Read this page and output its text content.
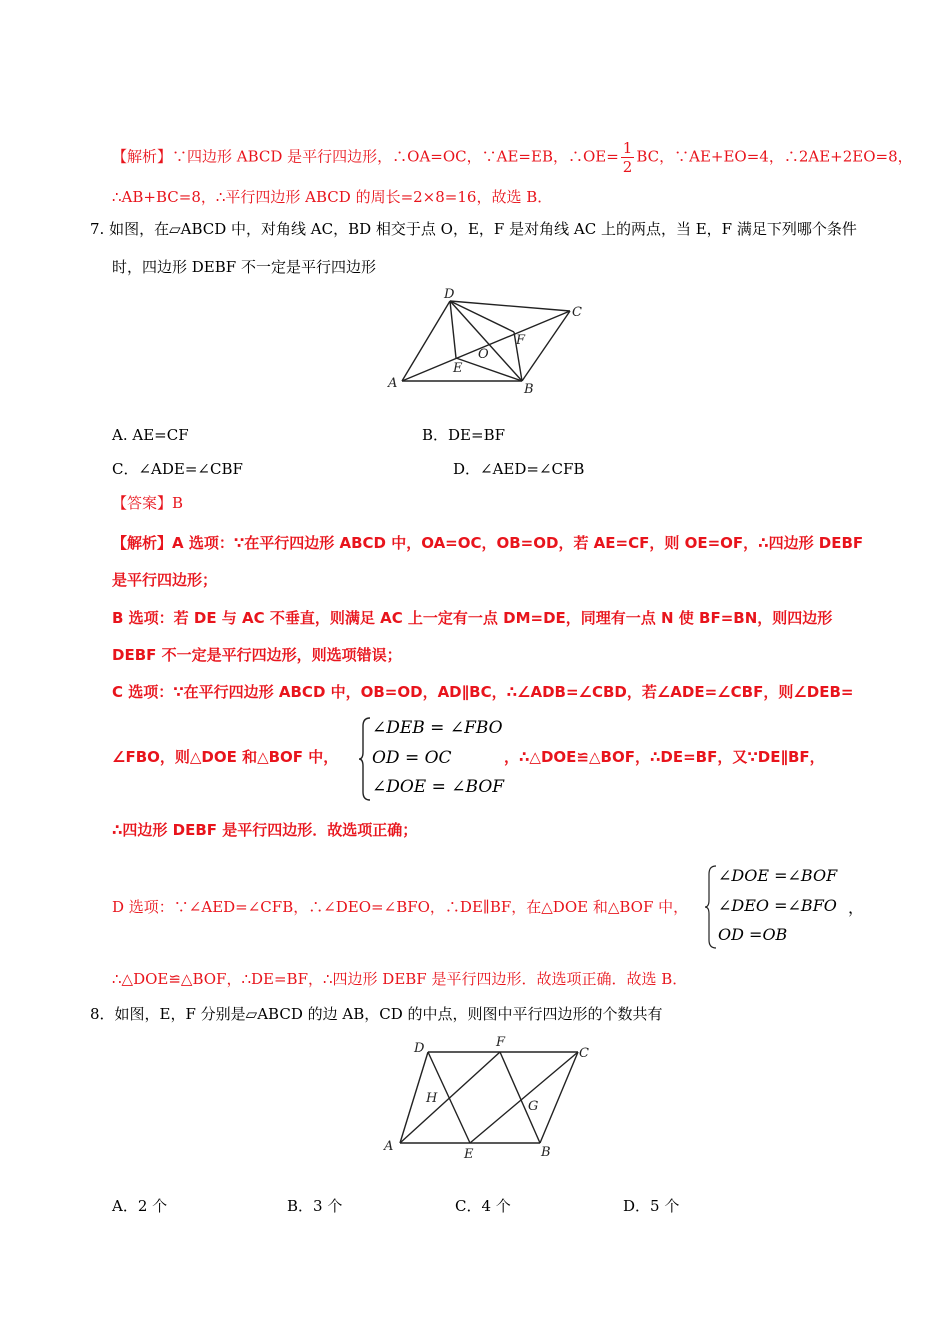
【解析】∵四边形 ABCD 是平行四边形，∴OA=OC，∵AE=EB，∴OE= $\frac{1}{2}$ BC，∵AE+EO=4，∴2AE+2EO=8，
∴AB+BC=8，∴平行四边形 ABCD 的周长=2×8=16，故选 B．
7. 如图，在▱ABCD 中，对角线 AC，BD 相交于点 O，E，F 是对角线 AC 上的两点，当 E，F 满足下列哪个条件
时，四边形 DEBF 不一定是平行四边形
A	B
C
D
E
F
O
A. AE=CF	B．DE=BF
C．∠ADE=∠CBF	D．∠AED=∠CFB
【答案】B
【解析】A 选项：∵在平行四边形 ABCD 中，OA=OC，OB=OD，若 AE=CF，则 OE=OF，∴四边形 DEBF
是平行四边形；
B 选项：若 DE 与 AC 不垂直，则满足 AC 上一定有一点 DM=DE，同理有一点 N 使 BF=BN，则四边形
DEBF 不一定是平行四边形，则选项错误；
C 选项：∵在平行四边形 ABCD 中，OB=OD，AD∥BC，∴∠ADB=∠CBD，若∠ADE=∠CBF，则∠DEB=
∠FBO，则△DOE 和△BOF 中，
∠DEB = ∠FBO
OD = OC
∠DOE = ∠BOF
，∴△DOE≌△BOF，∴DE=BF，又∵DE∥BF，
∴四边形 DEBF 是平行四边形．故选项正确；
D 选项：∵∠AED=∠CFB，∴∠DEO=∠BFO，∴DE∥BF，在△DOE 和△BOF 中，
∠DOE =∠BOF
∠DEO =∠BFO ，
OD =OB
∴△DOE≌△BOF，∴DE=BF，∴四边形 DEBF 是平行四边形．故选项正确．故选 B．
8．如图，E，F 分别是▱ABCD 的边 AB，CD 的中点，则图中平行四边形的个数共有
A	B
C
D
E
F
G
H
A．2 个	B．3 个	C．4 个	D．5 个
